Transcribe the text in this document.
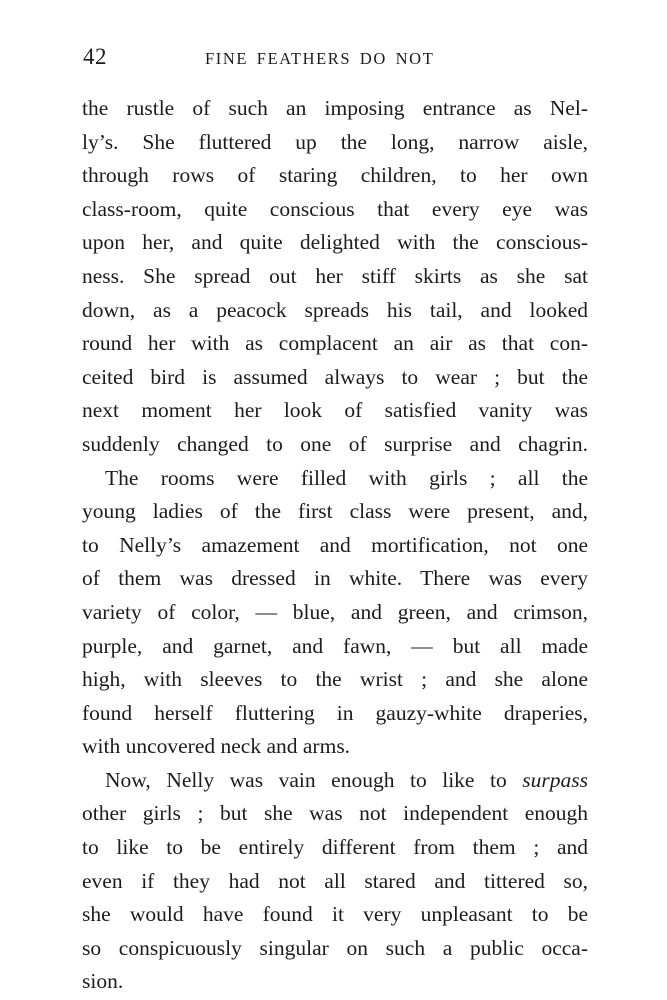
42	FINE FEATHERS DO NOT
the rustle of such an imposing entrance as Nel-
ly’s. She fluttered up the long, narrow aisle,
through rows of staring children, to her own
class-room, quite conscious that every eye was
upon her, and quite delighted with the conscious-
ness. She spread out her stiff skirts as she sat
down, as a peacock spreads his tail, and looked
round her with as complacent an air as that con-
ceited bird is assumed always to wear ; but the
next moment her look of satisfied vanity was
suddenly changed to one of surprise and chagrin.
The rooms were filled with girls ; all the
young ladies of the first class were present, and,
to Nelly’s amazement and mortification, not one
of them was dressed in white. There was every
variety of color, — blue, and green, and crimson,
purple, and garnet, and fawn, — but all made
high, with sleeves to the wrist ; and she alone
found herself fluttering in gauzy-white draperies,
with uncovered neck and arms.
Now, Nelly was vain enough to like to surpass
other girls ; but she was not independent enough
to like to be entirely different from them ; and
even if they had not all stared and tittered so,
she would have found it very unpleasant to be
so conspicuously singular on such a public occa-
sion.
